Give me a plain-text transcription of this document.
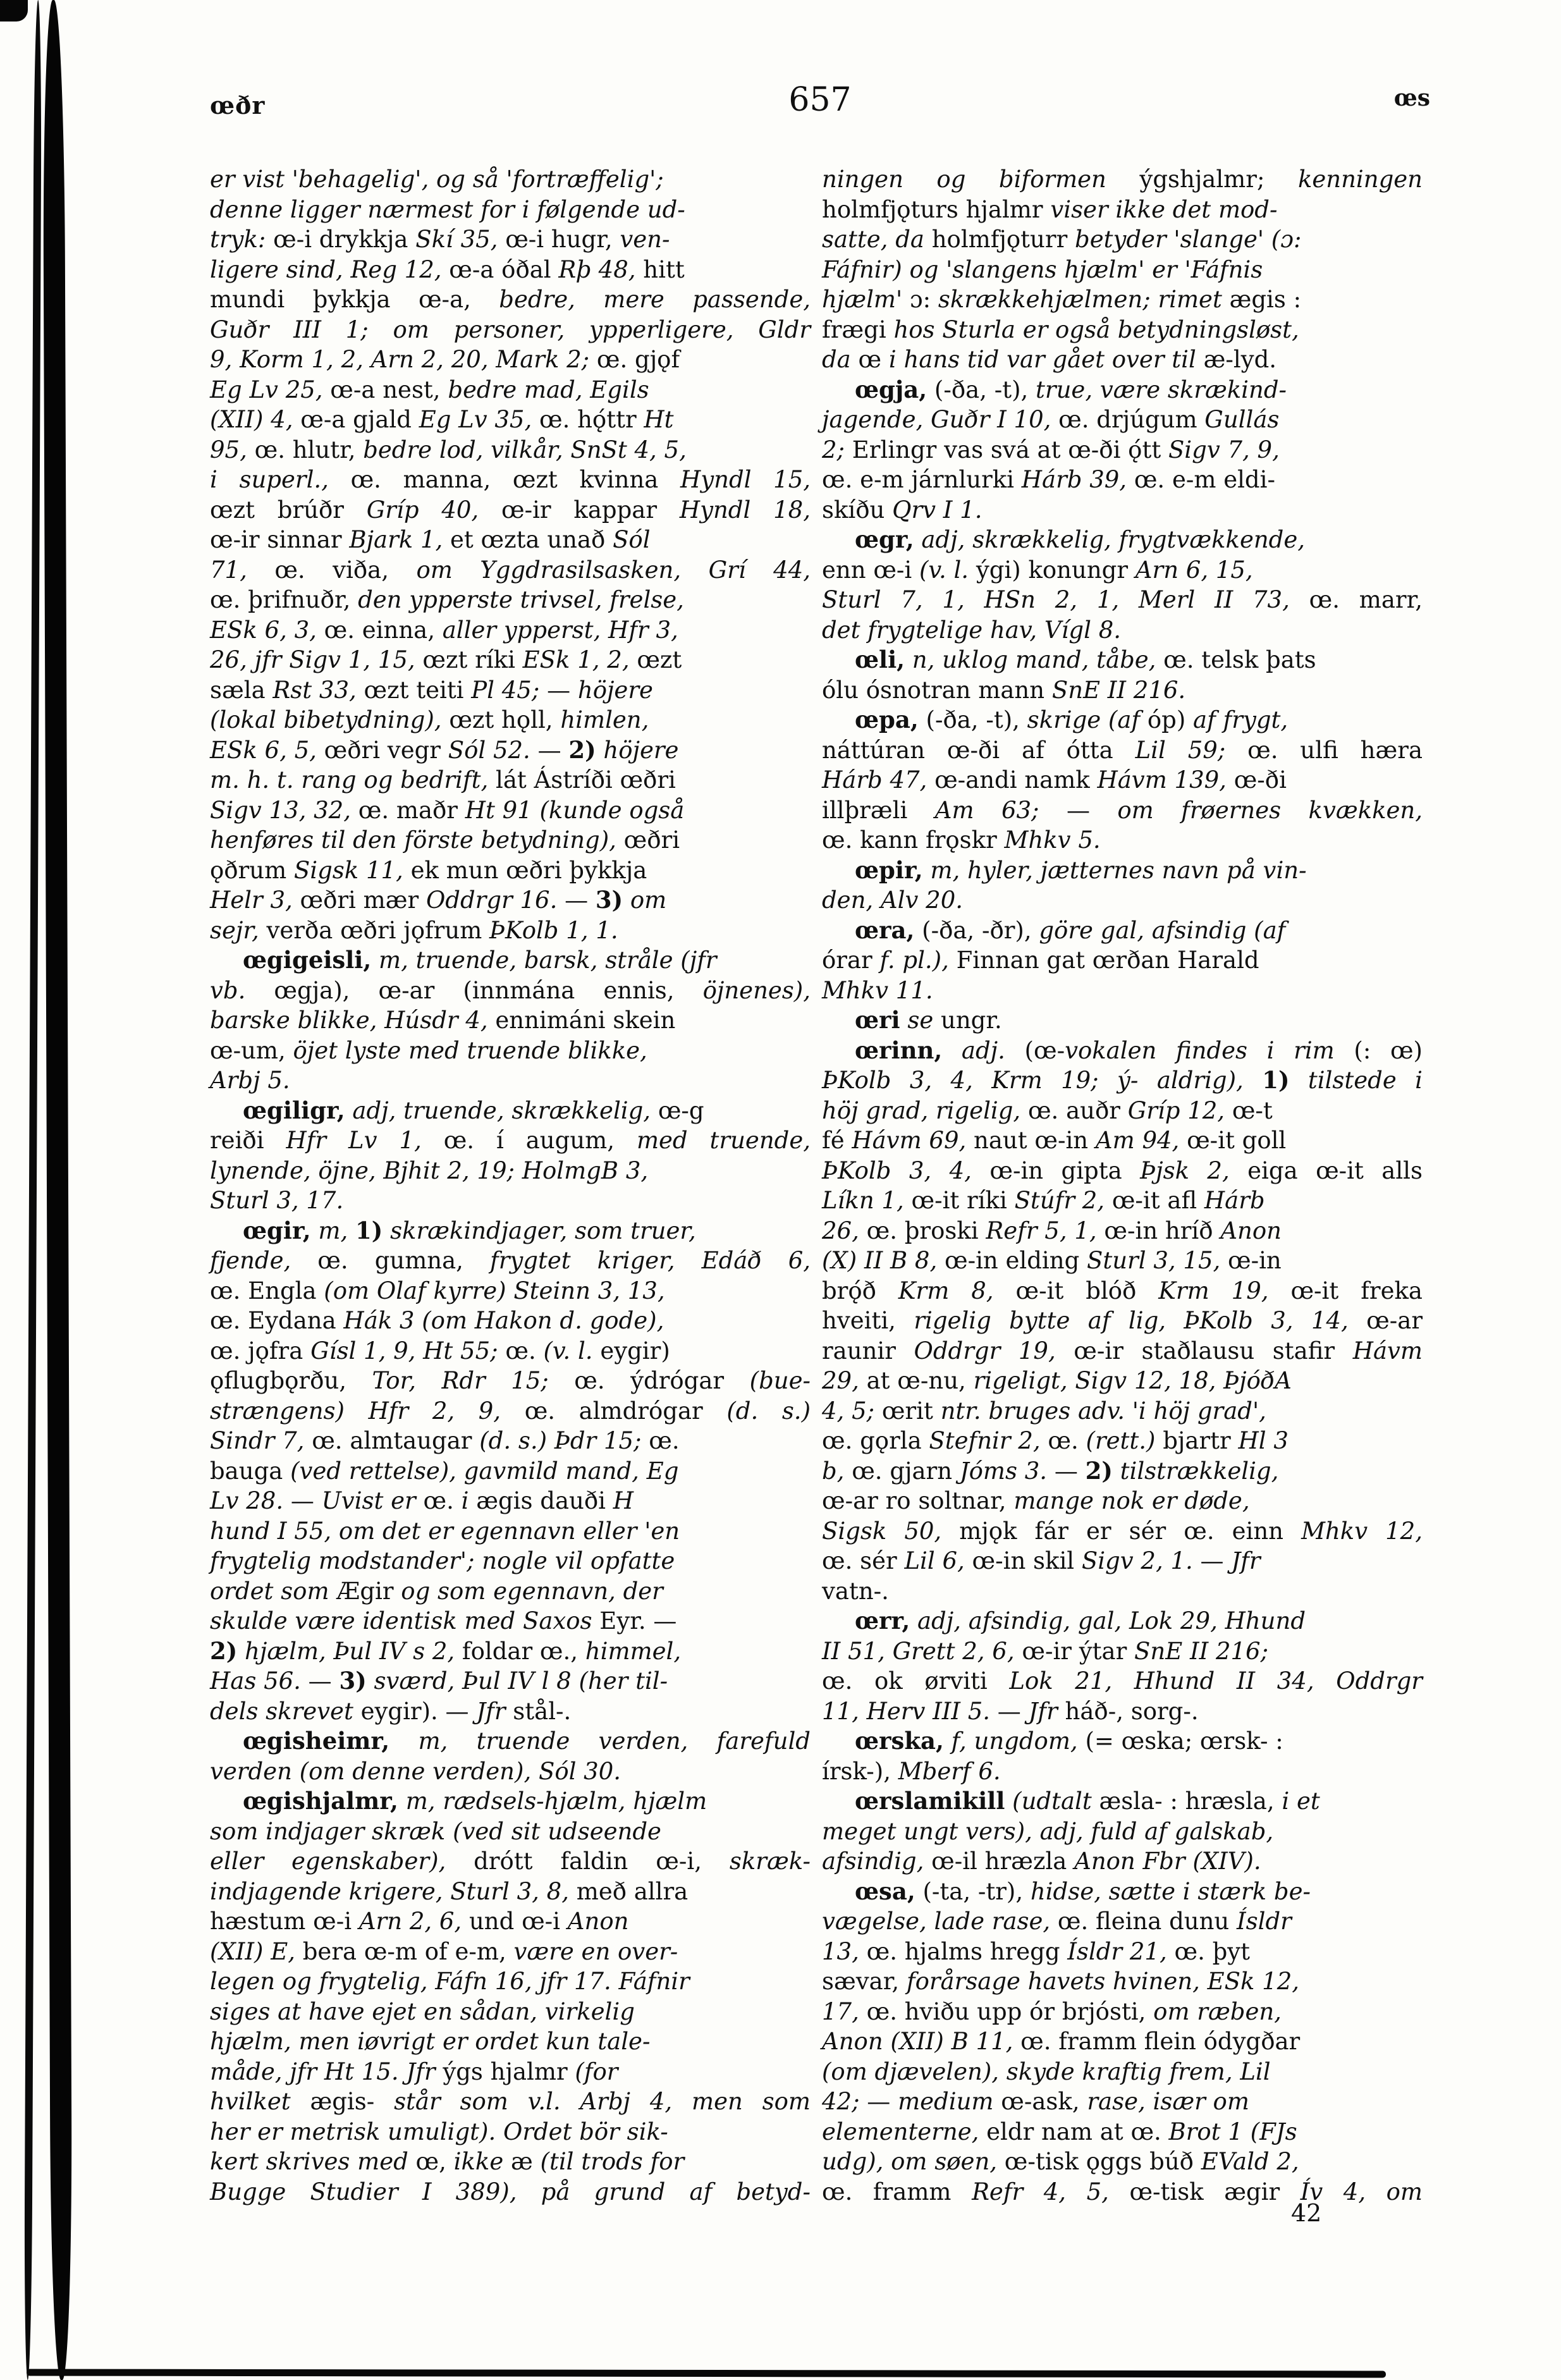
œðr	657	œs
er vist 'behagelig', og så 'fortræffelig';
denne ligger nærmest for i følgende ud-
tryk: œ-i drykkja Skí 35, œ-i hugr, ven-
ligere sind, Reg 12, œ-a óðal Rþ 48, hitt
mundi þykkja œ-a, bedre, mere passende,
Guðr III 1; om personer, ypperligere, Gldr
9, Korm 1, 2, Arn 2, 20, Mark 2; œ. gjǫf
Eg Lv 25, œ-a nest, bedre mad, Egils
(XII) 4, œ-a gjald Eg Lv 35, œ. hǫ́ttr Ht
95, œ. hlutr, bedre lod, vilkår, SnSt 4, 5,
i superl., œ. manna, œzt kvinna Hyndl 15,
œzt brúðr Gríp 40, œ-ir kappar Hyndl 18,
œ-ir sinnar Bjark 1, et œzta unað Sól
71, œ. viða, om Yggdrasilsasken, Grí 44,
œ. þrifnuðr, den ypperste trivsel, frelse,
ESk 6, 3, œ. einna, aller ypperst, Hfr 3,
26, jfr Sigv 1, 15, œzt ríki ESk 1, 2, œzt
sæla Rst 33, œzt teiti Pl 45; — höjere
(lokal bibetydning), œzt hǫll, himlen,
ESk 6, 5, œðri vegr Sól 52. — 2) höjere
m. h. t. rang og bedrift, lát Ástríði œðri
Sigv 13, 32, œ. maðr Ht 91 (kunde også
henføres til den förste betydning), œðri
ǫðrum Sigsk 11, ek mun œðri þykkja
Helr 3, œðri mær Oddrgr 16. — 3) om
sejr, verða œðri jǫfrum ÞKolb 1, 1.
œgigeisli, m, truende, barsk, stråle (jfr
vb. œgja), œ-ar (innmána ennis, öjnenes),
barske blikke, Húsdr 4, ennimáni skein
œ-um, öjet lyste med truende blikke,
Arbj 5.
œgiligr, adj, truende, skrækkelig, œ-g
reiði Hfr Lv 1, œ. í augum, med truende,
lynende, öjne, Bjhit 2, 19; HolmgB 3,
Sturl 3, 17.
œgir, m, 1) skrækindjager, som truer,
fjende, œ. gumna, frygtet kriger, Edáð 6,
œ. Engla (om Olaf kyrre) Steinn 3, 13,
œ. Eydana Hák 3 (om Hakon d. gode),
œ. jǫfra Gísl 1, 9, Ht 55; œ. (v. l. eygir)
ǫflugbǫrðu, Tor, Rdr 15; œ. ýdrógar (bue-
strængens) Hfr 2, 9, œ. almdrógar (d. s.)
Sindr 7, œ. almtaugar (d. s.) Þdr 15; œ.
bauga (ved rettelse), gavmild mand, Eg
Lv 28. — Uvist er œ. i ægis dauði H
hund I 55, om det er egennavn eller 'en
frygtelig modstander'; nogle vil opfatte
ordet som Ægir og som egennavn, der
skulde være identisk med Saxos Eyr. —
2) hjælm, Þul IV s 2, foldar œ., himmel,
Has 56. — 3) sværd, Þul IV l 8 (her til-
dels skrevet eygir). — Jfr stål-.
œgisheimr, m, truende verden, farefuld
verden (om denne verden), Sól 30.
œgishjalmr, m, rædsels-hjælm, hjælm
som indjager skræk (ved sit udseende
eller egenskaber), drótt faldin œ-i, skræk-
indjagende krigere, Sturl 3, 8, með allra
hæstum œ-i Arn 2, 6, und œ-i Anon
(XII) E, bera œ-m of e-m, være en over-
legen og frygtelig, Fáfn 16, jfr 17. Fáfnir
siges at have ejet en sådan, virkelig
hjælm, men iøvrigt er ordet kun tale-
måde, jfr Ht 15. Jfr ýgs hjalmr (for
hvilket ægis- står som v.l. Arbj 4, men som
her er metrisk umuligt). Ordet bör sik-
kert skrives med œ, ikke æ (til trods for
Bugge Studier I 389), på grund af betyd-
ningen og biformen ýgshjalmr; kenningen
holmfjǫturs hjalmr viser ikke det mod-
satte, da holmfjǫturr betyder 'slange' (ɔ:
Fáfnir) og 'slangens hjælm' er 'Fáfnis
hjælm' ɔ: skrækkehjælmen; rimet ægis :
frægi hos Sturla er også betydningsløst,
da œ i hans tid var gået over til æ-lyd.
œgja, (-ða, -t), true, være skrækind-
jagende, Guðr I 10, œ. drjúgum Gullás
2; Erlingr vas svá at œ-ði ǫ́tt Sigv 7, 9,
œ. e-m járnlurki Hárb 39, œ. e-m eldi-
skíðu Qrv I 1.
œgr, adj, skrækkelig, frygtvækkende,
enn œ-i (v. l. ýgi) konungr Arn 6, 15,
Sturl 7, 1, HSn 2, 1, Merl II 73, œ. marr,
det frygtelige hav, Vígl 8.
œli, n, uklog mand, tåbe, œ. telsk þats
ólu ósnotran mann SnE II 216.
œpa, (-ða, -t), skrige (af óp) af frygt,
náttúran œ-ði af ótta Lil 59; œ. ulfi hæra
Hárb 47, œ-andi namk Hávm 139, œ-ði
illþræli Am 63; — om frøernes kvækken,
œ. kann frǫskr Mhkv 5.
œpir, m, hyler, jætternes navn på vin-
den, Alv 20.
œra, (-ða, -ðr), göre gal, afsindig (af
órar f. pl.), Finnan gat œrðan Harald
Mhkv 11.
œri se ungr.
œrinn, adj. (œ-vokalen findes i rim (: œ)
ÞKolb 3, 4, Krm 19; ý- aldrig), 1) tilstede i
höj grad, rigelig, œ. auðr Gríp 12, œ-t
fé Hávm 69, naut œ-in Am 94, œ-it goll
ÞKolb 3, 4, œ-in gipta Þjsk 2, eiga œ-it alls
Líkn 1, œ-it ríki Stúfr 2, œ-it afl Hárb
26, œ. þroski Refr 5, 1, œ-in hríð Anon
(X) II B 8, œ-in elding Sturl 3, 15, œ-in
brǫ́ð Krm 8, œ-it blóð Krm 19, œ-it freka
hveiti, rigelig bytte af lig, ÞKolb 3, 14, œ-ar
raunir Oddrgr 19, œ-ir staðlausu stafir Hávm
29, at œ-nu, rigeligt, Sigv 12, 18, ÞjóðA
4, 5; œrit ntr. bruges adv. 'i höj grad',
œ. gǫrla Stefnir 2, œ. (rett.) bjartr Hl 3
b, œ. gjarn Jóms 3. — 2) tilstrækkelig,
œ-ar ro soltnar, mange nok er døde,
Sigsk 50, mjǫk fár er sér œ. einn Mhkv 12,
œ. sér Lil 6, œ-in skil Sigv 2, 1. — Jfr
vatn-.
œrr, adj, afsindig, gal, Lok 29, Hhund
II 51, Grett 2, 6, œ-ir ýtar SnE II 216;
œ. ok ørviti Lok 21, Hhund II 34, Oddrgr
11, Herv III 5. — Jfr háð-, sorg-.
œrska, f, ungdom, (= œska; œrsk- :
írsk-), Mberf 6.
œrslamikill (udtalt æsla- : hræsla, i et
meget ungt vers), adj, fuld af galskab,
afsindig, œ-il hræzla Anon Fbr (XIV).
œsa, (-ta, -tr), hidse, sætte i stærk be-
vægelse, lade rase, œ. fleina dunu Ísldr
13, œ. hjalms hregg Ísldr 21, œ. þyt
sævar, forårsage havets hvinen, ESk 12,
17, œ. hviðu upp ór brjósti, om ræben,
Anon (XII) B 11, œ. framm flein ódygðar
(om djævelen), skyde kraftig frem, Lil
42; — medium œ-ask, rase, især om
elementerne, eldr nam at œ. Brot 1 (FJs
udg), om søen, œ-tisk ǫggs búð EVald 2,
œ. framm Refr 4, 5, œ-tisk ægir Ív 4, om
42
